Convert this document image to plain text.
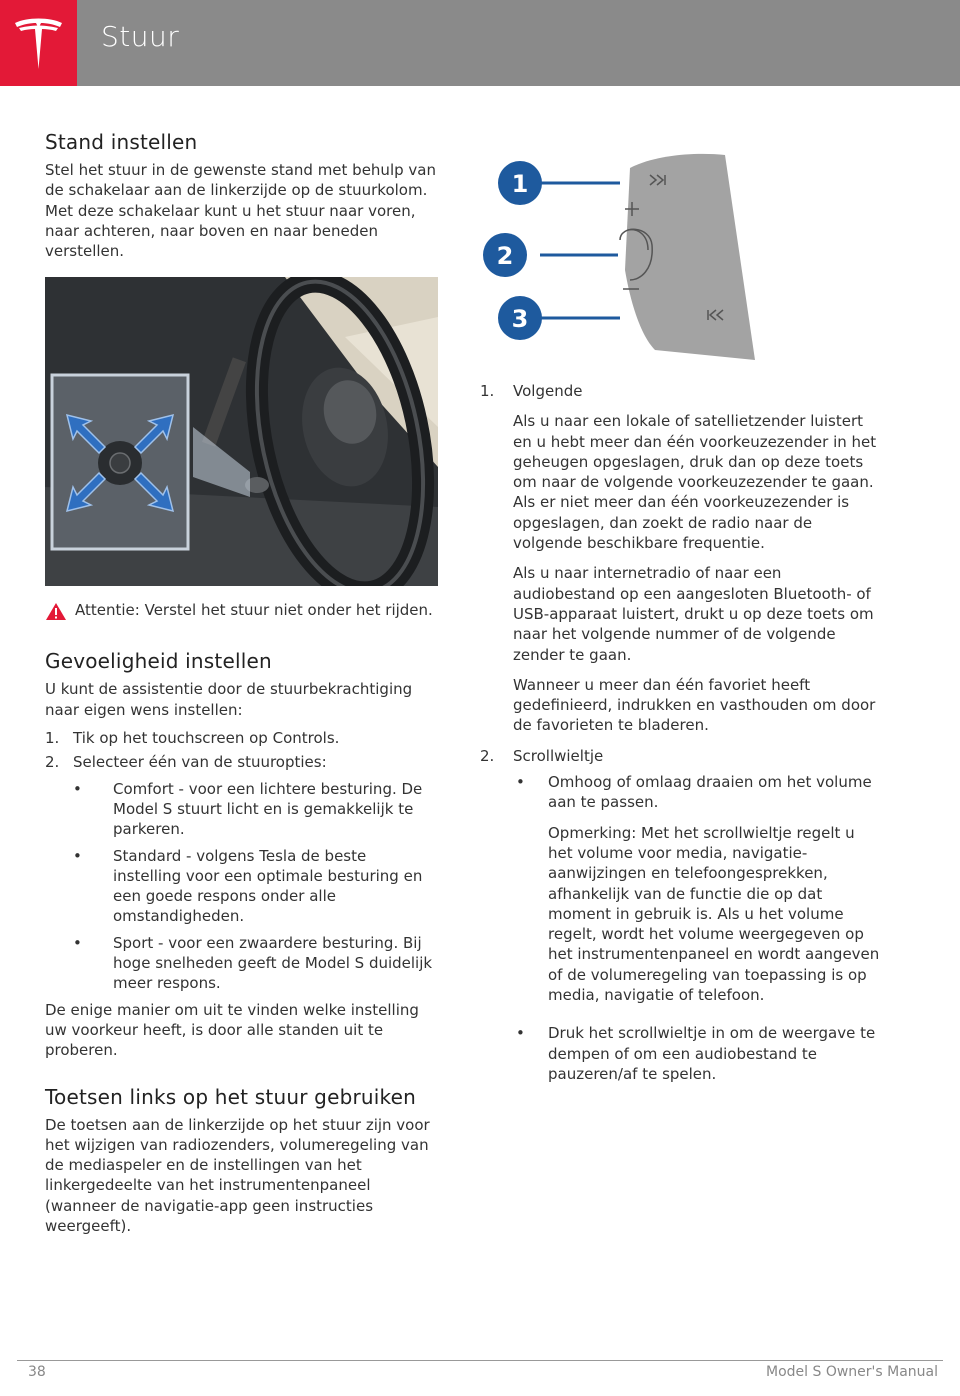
Stuur
Stand instellen

Stel het stuur in de gewenste stand met behulp van de schakelaar aan de linkerzijde op de stuurkolom. Met deze schakelaar kunt u het stuur naar voren, naar achteren, naar boven en naar beneden verstellen.

Attentie: Verstel het stuur niet onder het rijden.

Gevoeligheid instellen

U kunt de assistentie door de stuurbekrachtiging naar eigen wens instellen:

1. Tik op het touchscreen op Controls.
2. Selecteer één van de stuuropties:
•	Comfort - voor een lichtere besturing. De Model S stuurt licht en is gemakkelijk te parkeren.
•	Standard - volgens Tesla de beste instelling voor een optimale besturing en een goede respons onder alle omstandigheden.
•	Sport - voor een zwaardere besturing. Bij hoge snelheden geeft de Model S duidelijk meer respons.

De enige manier om uit te vinden welke instelling uw voorkeur heeft, is door alle standen uit te proberen.

Toetsen links op het stuur gebruiken

De toetsen aan de linkerzijde op het stuur zijn voor het wijzigen van radiozenders, volumeregeling van de mediaspeler en de instellingen van het linkergedeelte van het instrumentenpaneel (wanneer de navigatie-app geen instructies weergeeft).

1
2
3
1.	Volgende

Als u naar een lokale of satellietzender luistert en u hebt meer dan één voorkeuzezender in het geheugen opgeslagen, druk dan op deze toets om naar de volgende voorkeuzezender te gaan. Als er niet meer dan één voorkeuzezender is opgeslagen, dan zoekt de radio naar de volgende beschikbare frequentie.

Als u naar internetradio of naar een audiobestand op een aangesloten Bluetooth- of USB-apparaat luistert, drukt u op deze toets om naar het volgende nummer of de volgende zender te gaan.

Wanneer u meer dan één favoriet heeft gedefinieerd, indrukken en vasthouden om door de favorieten te bladeren.

2.	Scrollwieltje

•	Omhoog of omlaag draaien om het volume aan te passen.

Opmerking: Met het scrollwieltje regelt u het volume voor media, navigatie-aanwijzingen en telefoongesprekken, afhankelijk van de functie die op dat moment in gebruik is. Als u het volume regelt, wordt het volume weergegeven op het instrumentenpaneel en wordt aangeven of de volumeregeling van toepassing is op media, navigatie of telefoon.

•	Druk het scrollwieltje in om de weergave te dempen of om een audiobestand te pauzeren/af te spelen.

38	Model S Owner's Manual
